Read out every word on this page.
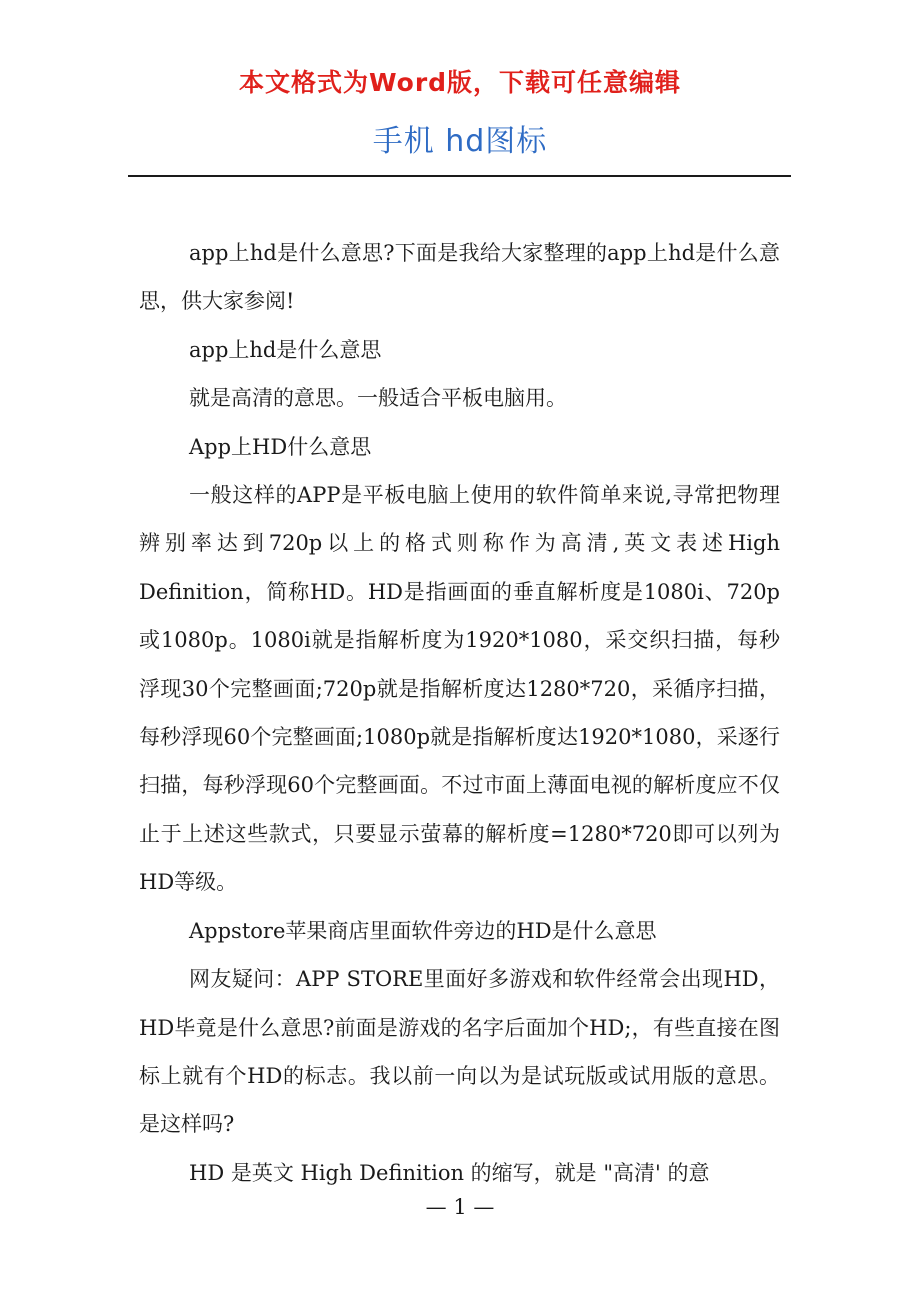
本文格式为Word版，下载可任意编辑
手机 hd图标

app上hd是什么意思?下面是我给大家整理的app上hd是什么意思，供大家参阅!

app上hd是什么意思

就是高清的意思。一般适合平板电脑用。

App上HD什么意思

一般这样的APP是平板电脑上使用的软件简单来说,寻常把物理辨别率达到720p以上的格式则称作为高清,英文表述High Definition，简称HD。HD是指画面的垂直解析度是1080i、720p或1080p。1080i就是指解析度为1920*1080，采交织扫描，每秒浮现30个完整画面;720p就是指解析度达1280*720，采循序扫描，每秒浮现60个完整画面;1080p就是指解析度达1920*1080，采逐行扫描，每秒浮现60个完整画面。不过市面上薄面电视的解析度应不仅止于上述这些款式，只要显示萤幕的解析度=1280*720即可以列为HD等级。

Appstore苹果商店里面软件旁边的HD是什么意思

网友疑问：APP STORE里面好多游戏和软件经常会出现HD，HD毕竟是什么意思?前面是游戏的名字后面加个HD;，有些直接在图标上就有个HD的标志。我以前一向以为是试玩版或试用版的意思。是这样吗?

HD 是英文 High Definition 的缩写，就是 "高清' 的意

— 1 —
